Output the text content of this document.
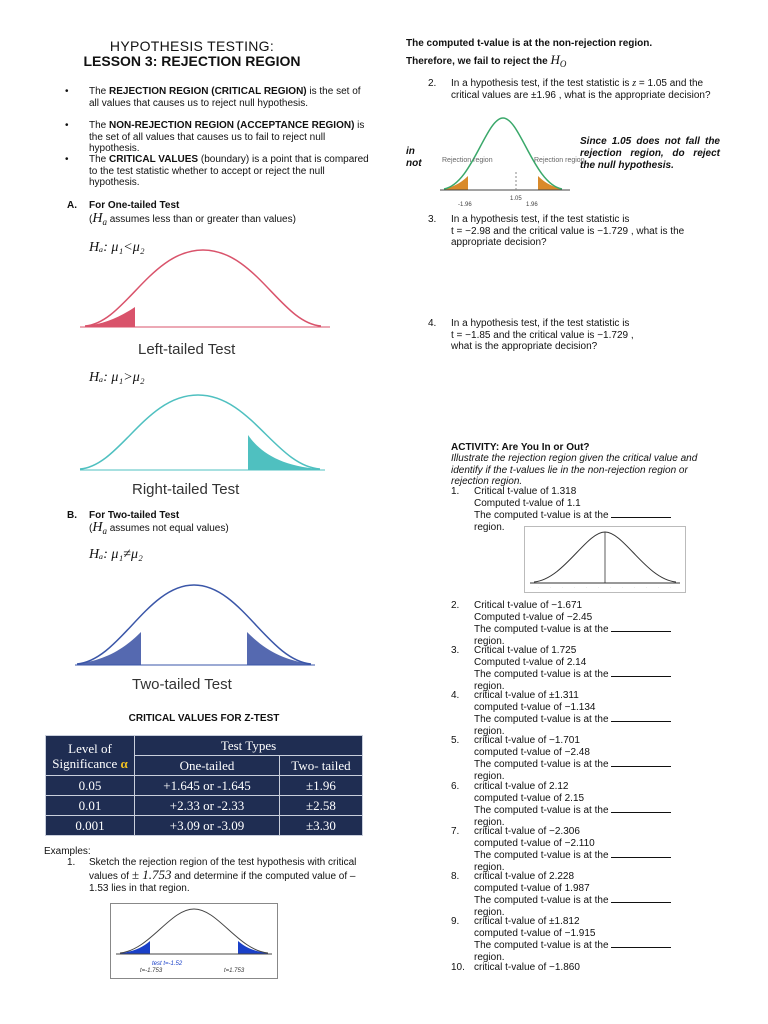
HYPOTHESIS TESTING:
LESSON 3: REJECTION REGION
• The REJECTION REGION (CRITICAL REGION) is the set of all values that causes us to reject null hypothesis.
• The NON-REJECTION REGION (ACCEPTANCE REGION) is the set of all values that causes us to fail to reject null hypothesis.
• The CRITICAL VALUES (boundary) is a point that is compared to the test statistic whether to accept or reject the null hypothesis.
A. For One-tailed Test
($H_a$ assumes less than or greater than values)
Hₐ: μ₁<μ₂
Left-tailed Test
Hₐ: μ₁>μ₂
Right-tailed Test
B. For Two-tailed Test
($H_a$ assumes not equal values)
Hₐ: μ₁≠μ₂
Two-tailed Test
CRITICAL VALUES FOR Z-TEST
Level of
Significance α	Test Types	
	One-tailed	Two- tailed
0.05	+1.645 or -1.645	±1.96
0.01	+2.33 or -2.33	±2.58
0.001	+3.09 or -3.09	±3.30
Examples:
1. Sketch the rejection region of the test hypothesis with critical values of ± 1.753 and determine if the computed value of – 1.53 lies in that region.
test t=-1.52
t=-1.753	t=1.753
The computed t-value is at the non-rejection region.
Therefore, we fail to reject the $H_O$
2. In a hypothesis test, if the test statistic is z = 1.05 and the critical values are ±1.96 , what is the appropriate decision?
in
not	Rejection region	Rejection region
-1.96
1.05
1.96
Since 1.05 does not fall the rejection region, do reject the null hypothesis.
3. In a hypothesis test, if the test statistic is
t = −2.98 and the critical value is −1.729 , what is the appropriate decision?
4. In a hypothesis test, if the test statistic is
t = −1.85 and the critical value is −1.729 ,
what is the appropriate decision?
ACTIVITY: Are You In or Out?
Illustrate the rejection region given the critical value and identify if the t-values lie in the non-rejection region or rejection region.
1. Critical t-value of 1.318
Computed t-value of 1.1
The computed t-value is at the
region.
2. Critical t-value of −1.671
Computed t-value of −2.45
The computed t-value is at the
region.
3. Critical t-value of 1.725
Computed t-value of 2.14
The computed t-value is at the
region.
4. critical t-value of ±1.311
computed t-value of −1.134
The computed t-value is at the
region.
5. critical t-value of −1.701
computed t-value of −2.48
The computed t-value is at the
region.
6. critical t-value of 2.12
computed t-value of 2.15
The computed t-value is at the
region.
7. critical t-value of −2.306
computed t-value of −2.110
The computed t-value is at the
region.
8. critical t-value of 2.228
computed t-value of 1.987
The computed t-value is at the
region.
9. critical t-value of ±1.812
computed t-value of −1.915
The computed t-value is at the
region.
10. critical t-value of −1.860
·	·	·	·	·	·	·	·	·	·	·	·
